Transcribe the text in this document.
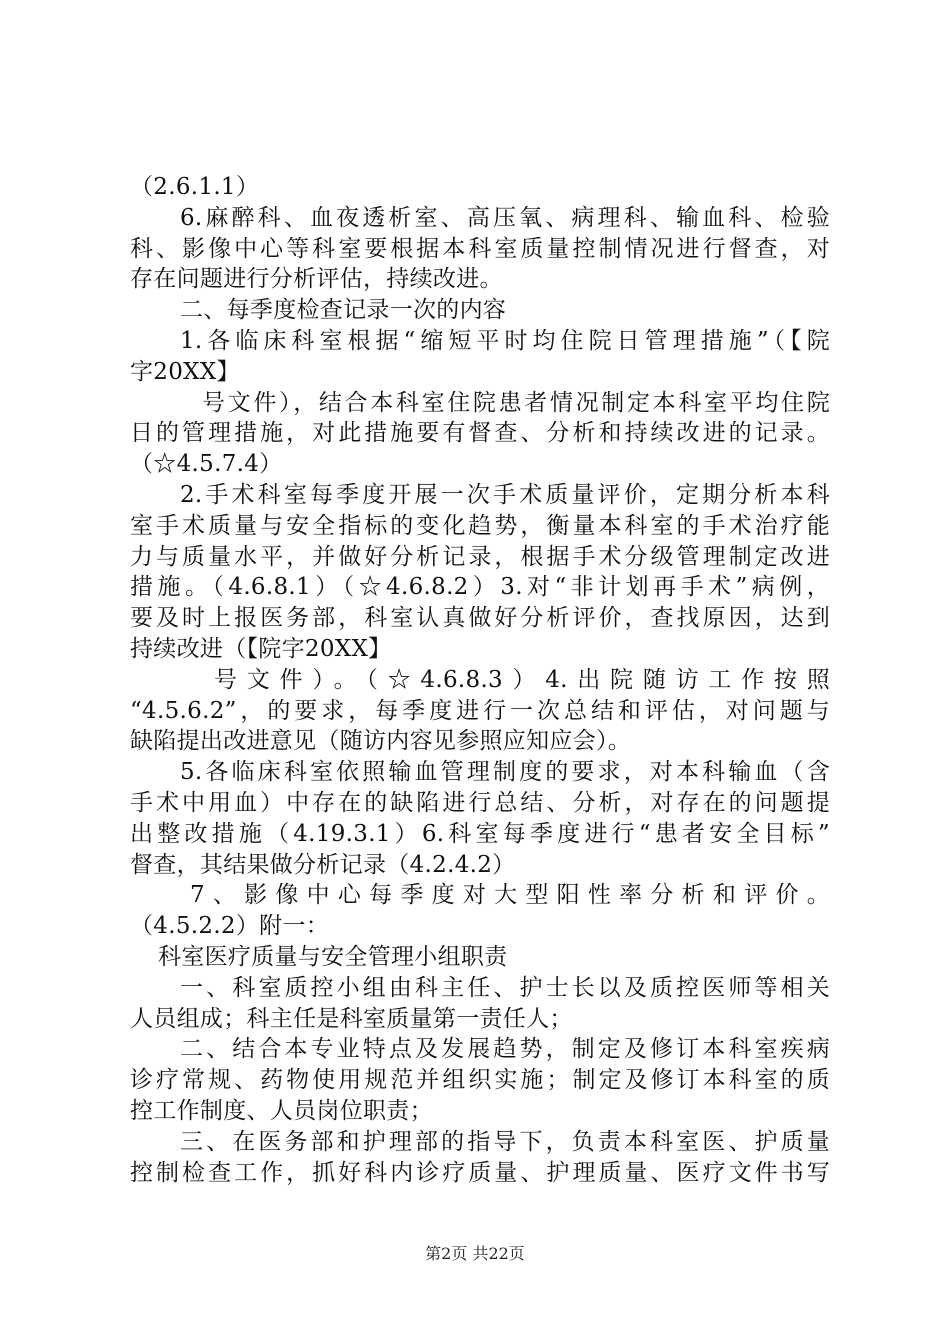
（2.6.1.1）
6.麻醉科、血夜透析室、高压氧、病理科、输血科、检验
科、影像中心等科室要根据本科室质量控制情况进行督查，对
存在问题进行分析评估，持续改进。
二、每季度检查记录一次的内容
1.各临床科室根据“缩短平时均住院日管理措施”（【院
字20XX】
号文件），结合本科室住院患者情况制定本科室平均住院
日的管理措施，对此措施要有督查、分析和持续改进的记录。
（☆4.5.7.4）
2.手术科室每季度开展一次手术质量评价，定期分析本科
室手术质量与安全指标的变化趋势，衡量本科室的手术治疗能
力与质量水平，并做好分析记录，根据手术分级管理制定改进
措施。（4.6.8.1）（☆4.6.8.2）3.对“非计划再手术”病例，
要及时上报医务部，科室认真做好分析评价，查找原因，达到
持续改进（【院字20XX】
号文件）。（☆4.6.8.3）4.出院随访工作按照
“4.5.6.2”，的要求，每季度进行一次总结和评估，对问题与
缺陷提出改进意见（随访内容见参照应知应会）。
5.各临床科室依照输血管理制度的要求，对本科输血（含
手术中用血）中存在的缺陷进行总结、分析，对存在的问题提
出整改措施（4.19.3.1）6.科室每季度进行“患者安全目标”
督查，其结果做分析记录（4.2.4.2）
7、影像中心每季度对大型阳性率分析和评价。
（4.5.2.2）附一：
科室医疗质量与安全管理小组职责
一、科室质控小组由科主任、护士长以及质控医师等相关
人员组成；科主任是科室质量第一责任人；
二、结合本专业特点及发展趋势，制定及修订本科室疾病
诊疗常规、药物使用规范并组织实施；制定及修订本科室的质
控工作制度、人员岗位职责；
三、在医务部和护理部的指导下，负责本科室医、护质量
控制检查工作，抓好科内诊疗质量、护理质量、医疗文件书写
第2页 共22页
